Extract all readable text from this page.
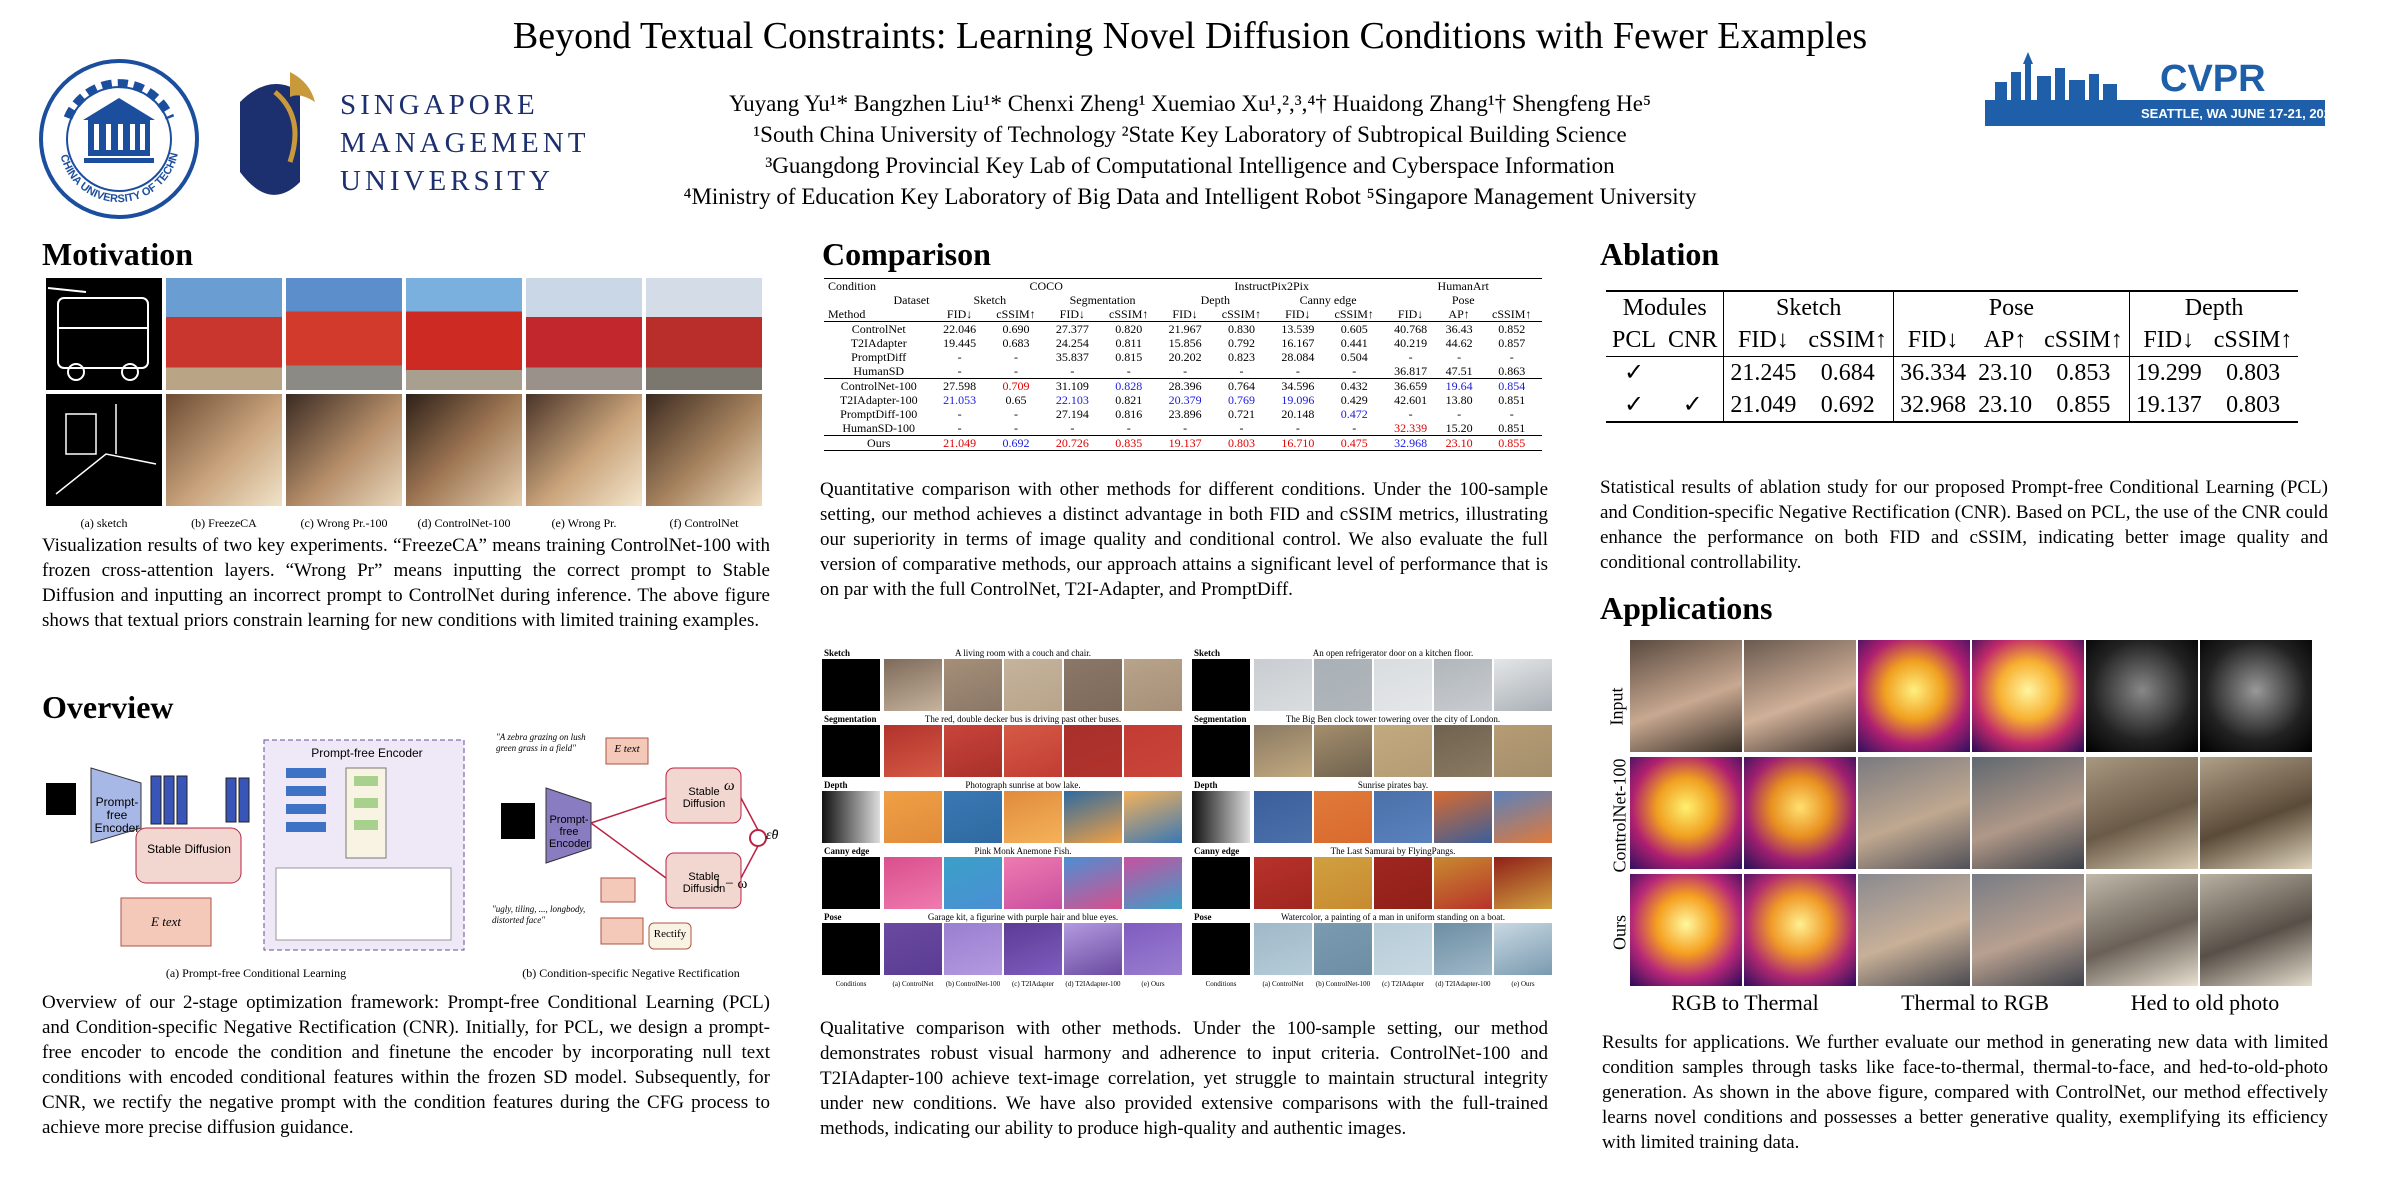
Beyond Textual Constraints: Learning Novel Diffusion Conditions with Fewer Examples
CHINA UNIVERSITY OF TECHN
SINGAPORE
MANAGEMENT
UNIVERSITY
CVPR
SEATTLE, WA JUNE 17-21, 2024
Yuyang Yu¹* Bangzhen Liu¹* Chenxi Zheng¹ Xuemiao Xu¹,²,³,⁴† Huaidong Zhang¹† Shengfeng He⁵
¹South China University of Technology ²State Key Laboratory of Subtropical Building Science
³Guangdong Provincial Key Lab of Computational Intelligence and Cyberspace Information
⁴Ministry of Education Key Laboratory of Big Data and Intelligent Robot ⁵Singapore Management University
Motivation
(a) sketch	(b) FreezeCA	(c) Wrong Pr.-100	(d) ControlNet-100	(e) Wrong Pr.	(f) ControlNet
Visualization results of two key experiments. “FreezeCA” means training ControlNet-100 with frozen cross-attention layers. “Wrong Pr” means inputting the correct prompt to Stable Diffusion and inputting an incorrect prompt to ControlNet during inference. The above figure shows that textual priors constrain learning for new conditions with limited training examples.
Overview
Prompt-free Encoder
Stable Diffusion
E text
Prompt-free Encoder
"A zebra grazing on lush green grass in a field"
"ugly, tiling, ..., longbody, distorted face"
Prompt-free Encoder
E text
Rectify
Stable Diffusion
Stable Diffusion
ω
1 − ω
ε̂θ
(a) Prompt-free Conditional Learning	(b) Condition-specific Negative Rectification
Overview of our 2-stage optimization framework: Prompt-free Conditional Learning (PCL) and Condition-specific Negative Rectification (CNR). Initially, for PCL, we design a prompt-free encoder to encode the condition and finetune the encoder by incorporating null text conditions with encoded conditional features within the frozen SD model. Subsequently, for CNR, we rectify the negative prompt with the condition features during the CFG process to achieve more precise diffusion guidance.
Comparison
Condition	COCO				InstructPix2Pix				HumanArt		
Dataset	Sketch		Segmentation		Depth		Canny edge		Pose		
Method	FID↓	cSSIM↑	FID↓	cSSIM↑	FID↓	cSSIM↑	FID↓	cSSIM↑	FID↓	AP↑	cSSIM↑
ControlNet	22.046	0.690	27.377	0.820	21.967	0.830	13.539	0.605	40.768	36.43	0.852
T2IAdapter	19.445	0.683	24.254	0.811	15.856	0.792	16.167	0.441	40.219	44.62	0.857
PromptDiff	-	-	35.837	0.815	20.202	0.823	28.084	0.504	-	-	-
HumanSD	-	-	-	-	-	-	-	-	36.817	47.51	0.863
ControlNet-100	27.598	0.709	31.109	0.828	28.396	0.764	34.596	0.432	36.659	19.64	0.854
T2IAdapter-100	21.053	0.65	22.103	0.821	20.379	0.769	19.096	0.429	42.601	13.80	0.851
PromptDiff-100	-	-	27.194	0.816	23.896	0.721	20.148	0.472	-	-	-
HumanSD-100	-	-	-	-	-	-	-	-	32.339	15.20	0.851
Ours	21.049	0.692	20.726	0.835	19.137	0.803	16.710	0.475	32.968	23.10	0.855
Quantitative comparison with other methods for different conditions. Under the 100-sample setting, our method achieves a distinct advantage in both FID and cSSIM metrics, illustrating our superiority in terms of image quality and conditional control. We also evaluate the full version of comparative methods, our approach attains a significant level of performance that is on par with the full ControlNet, T2I-Adapter, and PromptDiff.
Sketch	A living room with a couch and chair.
Segmentation	The red, double decker bus is driving past other buses.
Depth	Photograph sunrise at bow lake.
Canny edge	Pink Monk Anemone Fish.
Pose	Garage kit, a figurine with purple hair and blue eyes.
Conditions	(a) ControlNet	(b) ControlNet-100	(c) T2IAdapter	(d) T2IAdapter-100	(e) Ours
Sketch	An open refrigerator door on a kitchen floor.
Segmentation	The Big Ben clock tower towering over the city of London.
Depth	Sunrise pirates bay.
Canny edge	The Last Samurai by FlyingPangs.
Pose	Watercolor, a painting of a man in uniform standing on a boat.
Conditions	(a) ControlNet	(b) ControlNet-100	(c) T2IAdapter	(d) T2IAdapter-100	(e) Ours
Qualitative comparison with other methods. Under the 100-sample setting, our method demonstrates robust visual harmony and adherence to input criteria. ControlNet-100 and T2IAdapter-100 achieve text-image correlation, yet struggle to maintain structural integrity under new conditions. We have also provided extensive comparisons with the full-trained methods, indicating our ability to produce high-quality and authentic images.
Ablation
Modules		Sketch		Pose			Depth	
PCL	CNR	FID↓	cSSIM↑	FID↓	AP↑	cSSIM↑	FID↓	cSSIM↑
✓		21.245	0.684	36.334	23.10	0.853	19.299	0.803
✓	✓	21.049	0.692	32.968	23.10	0.855	19.137	0.803
Statistical results of ablation study for our proposed Prompt-free Conditional Learning (PCL) and Condition-specific Negative Rectification (CNR). Based on PCL, the use of the CNR could enhance the performance on both FID and cSSIM, indicating better image quality and conditional controllability.
Applications
Input
ControlNet-100
Ours
RGB to Thermal	Thermal to RGB	Hed to old photo
Results for applications. We further evaluate our method in generating new data with limited condition samples through tasks like face-to-thermal, thermal-to-face, and hed-to-old-photo generation. As shown in the above figure, compared with ControlNet, our method effectively learns novel conditions and possesses a better generative quality, exemplifying its efficiency with limited training data.
